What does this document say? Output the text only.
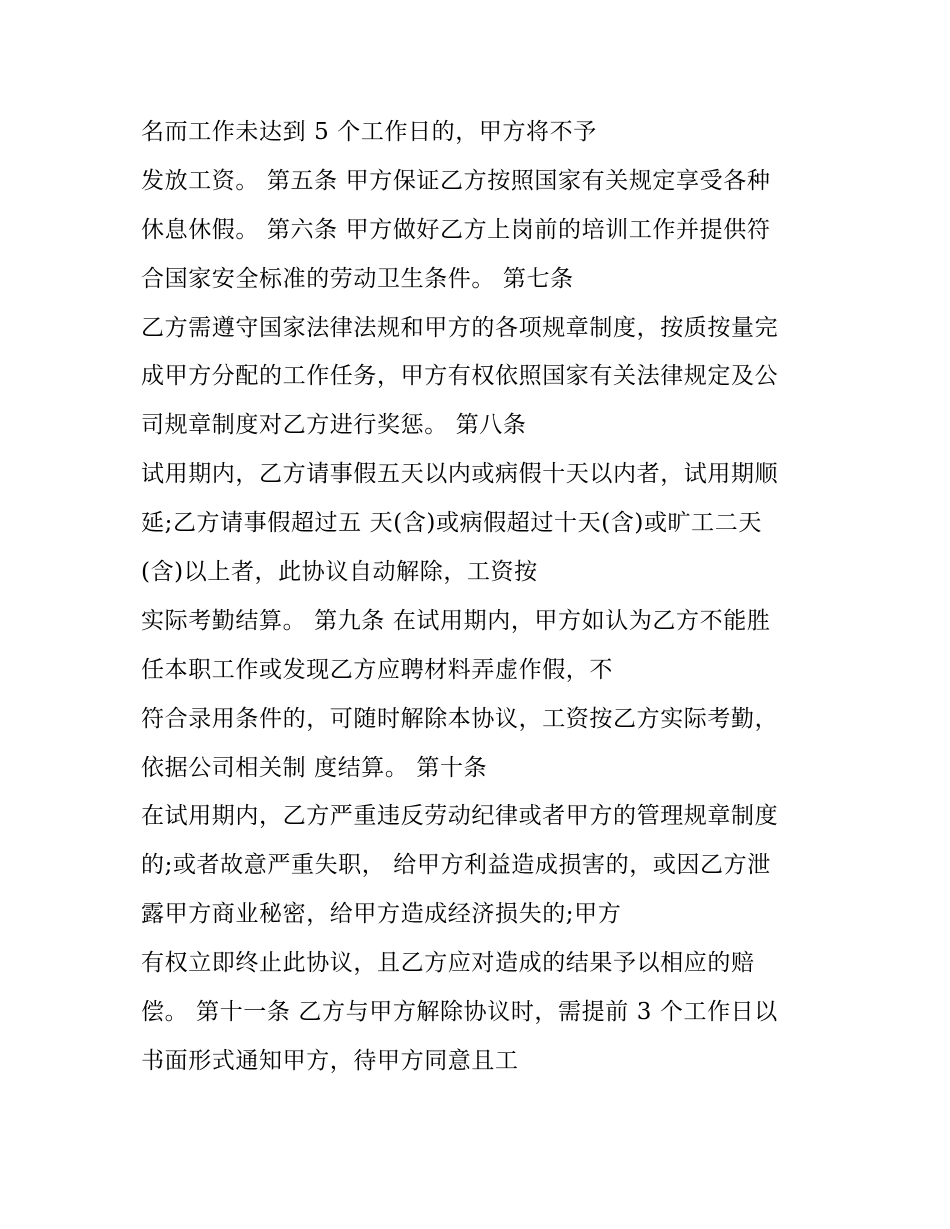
名而工作未达到 5 个工作日的，甲方将不予
发放工资。 第五条 甲方保证乙方按照国家有关规定享受各种
休息休假。 第六条 甲方做好乙方上岗前的培训工作并提供符
合国家安全标准的劳动卫生条件。 第七条
乙方需遵守国家法律法规和甲方的各项规章制度，按质按量完
成甲方分配的工作任务，甲方有权依照国家有关法律规定及公
司规章制度对乙方进行奖惩。 第八条
试用期内，乙方请事假五天以内或病假十天以内者，试用期顺
延;乙方请事假超过五 天(含)或病假超过十天(含)或旷工二天
(含)以上者，此协议自动解除，工资按
实际考勤结算。 第九条 在试用期内，甲方如认为乙方不能胜
任本职工作或发现乙方应聘材料弄虚作假，不
符合录用条件的，可随时解除本协议，工资按乙方实际考勤，
依据公司相关制 度结算。 第十条
在试用期内，乙方严重违反劳动纪律或者甲方的管理规章制度
的;或者故意严重失职， 给甲方利益造成损害的，或因乙方泄
露甲方商业秘密，给甲方造成经济损失的;甲方
有权立即终止此协议，且乙方应对造成的结果予以相应的赔
偿。 第十一条 乙方与甲方解除协议时，需提前 3 个工作日以
书面形式通知甲方，待甲方同意且工
